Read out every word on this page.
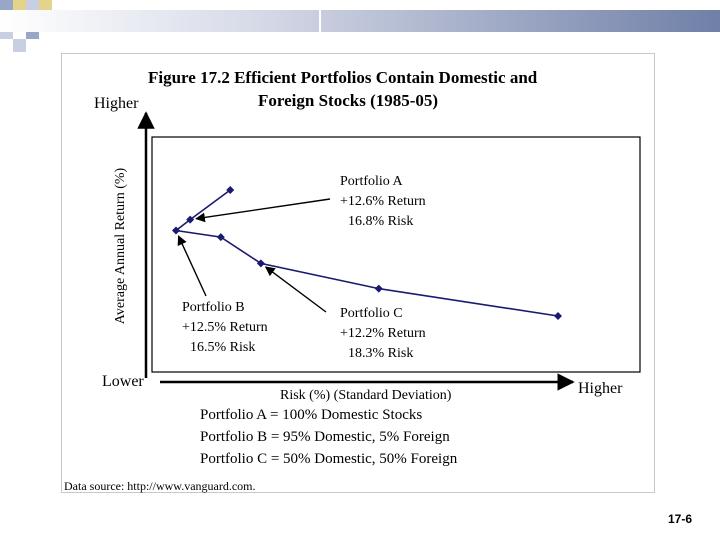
Figure 17.2 Efficient Portfolios Contain Domestic and
Foreign Stocks (1985-05)
Higher
Lower	Higher
Average Annual Return (%)
Risk (%) (Standard Deviation)
Portfolio A
+12.6% Return
16.8% Risk
Portfolio B
+12.5% Return
16.5% Risk
Portfolio C
+12.2% Return
18.3% Risk
Portfolio A = 100% Domestic Stocks
Portfolio B = 95% Domestic, 5% Foreign
Portfolio C = 50% Domestic, 50% Foreign
Data source: http://www.vanguard.com.
17-6
